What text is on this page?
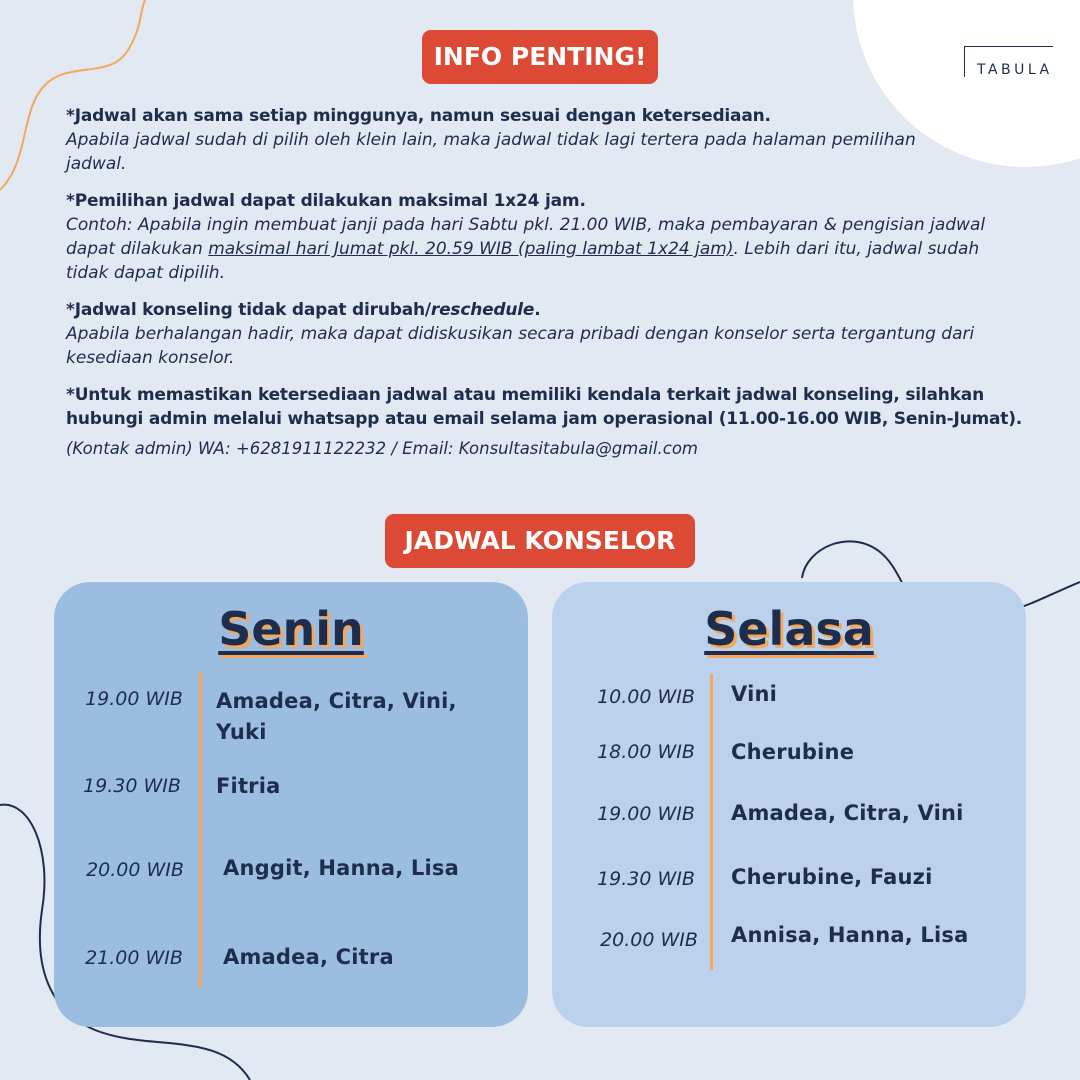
TABULA
INFO PENTING!
*Jadwal akan sama setiap minggunya, namun sesuai dengan ketersediaan.
Apabila jadwal sudah di pilih oleh klein lain, maka jadwal tidak lagi tertera pada halaman pemilihan jadwal.
*Pemilihan jadwal dapat dilakukan maksimal 1x24 jam.
Contoh: Apabila ingin membuat janji pada hari Sabtu pkl. 21.00 WIB, maka pembayaran & pengisian jadwal dapat dilakukan maksimal hari Jumat pkl. 20.59 WIB (paling lambat 1x24 jam). Lebih dari itu, jadwal sudah tidak dapat dipilih.
*Jadwal konseling tidak dapat dirubah/reschedule.
Apabila berhalangan hadir, maka dapat didiskusikan secara pribadi dengan konselor serta tergantung dari kesediaan konselor.
*Untuk memastikan ketersediaan jadwal atau memiliki kendala terkait jadwal konseling, silahkan hubungi admin melalui whatsapp atau email selama jam operasional (11.00-16.00 WIB, Senin-Jumat).
(Kontak admin) WA: +6281911122232 / Email: Konsultasitabula@gmail.com
JADWAL KONSELOR
Senin
19.00 WIB	Amadea, Citra, Vini, Yuki
19.30 WIB	Fitria
20.00 WIB	Anggit, Hanna, Lisa
21.00 WIB	Amadea, Citra
Selasa
10.00 WIB	Vini
18.00 WIB	Cherubine
19.00 WIB	Amadea, Citra, Vini
19.30 WIB	Cherubine, Fauzi
20.00 WIB	Annisa, Hanna, Lisa
